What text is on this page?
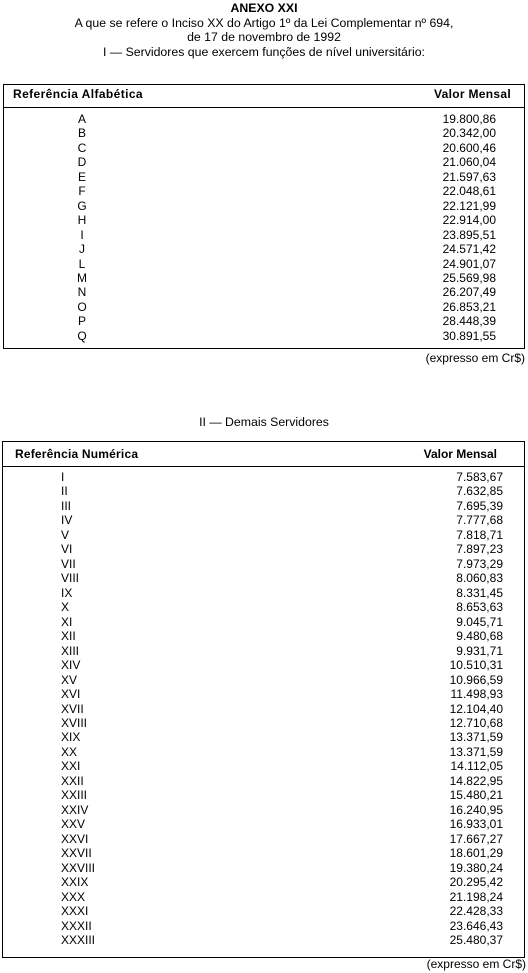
ANEXO XXI
A que se refere o Inciso XX do Artigo 1º da Lei Complementar nº 694,
de 17 de novembro de 1992
I — Servidores que exercem funções de nível universitário:
Referência Alfabética	Valor Mensal
A	19.800,86
B	20.342,00
C	20.600,46
D	21.060,04
E	21.597,63
F	22.048,61
G	22.121,99
H	22.914,00
I	23.895,51
J	24.571,42
L	24.901,07
M	25.569,98
N	26.207,49
O	26.853,21
P	28.448,39
Q	30.891,55
(expresso em Cr$)
II — Demais Servidores
Referência Numérica	Valor Mensal
I	7.583,67
II	7.632,85
III	7.695,39
IV	7.777,68
V	7.818,71
VI	7.897,23
VII	7.973,29
VIII	8.060,83
IX	8.331,45
X	8.653,63
XI	9.045,71
XII	9.480,68
XIII	9.931,71
XIV	10.510,31
XV	10.966,59
XVI	11.498,93
XVII	12.104,40
XVIII	12.710,68
XIX	13.371,59
XX	13.371,59
XXI	14.112,05
XXII	14.822,95
XXIII	15.480,21
XXIV	16.240,95
XXV	16.933,01
XXVI	17.667,27
XXVII	18.601,29
XXVIII	19.380,24
XXIX	20.295,42
XXX	21.198,24
XXXI	22.428,33
XXXII	23.646,43
XXXIII	25.480,37
(expresso em Cr$)
